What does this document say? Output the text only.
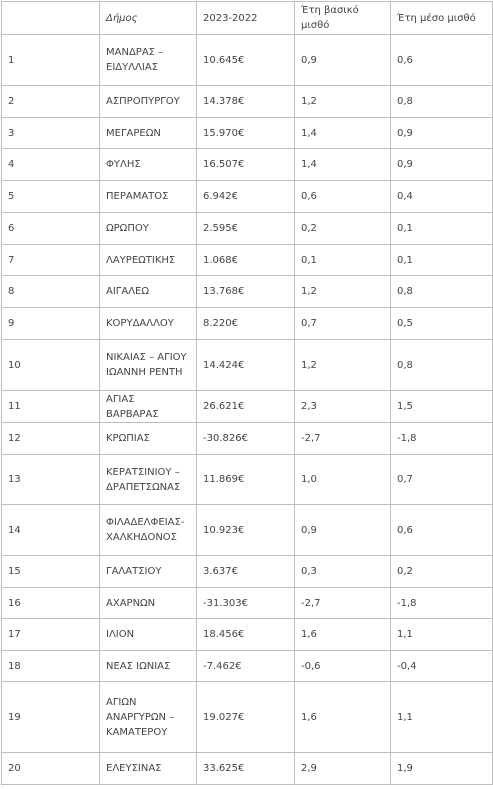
	Δήμος	2023-2022	Έτη βασικό μισθό	Έτη μέσο μισθό
1	ΜΑΝΔΡΑΣ – ΕΙΔΥΛΛΙΑΣ	10.645€	0,9	0,6
2	ΑΣΠΡΟΠΥΡΓΟΥ	14.378€	1,2	0,8
3	ΜΕΓΑΡΕΩΝ	15.970€	1,4	0,9
4	ΦΥΛΗΣ	16.507€	1,4	0,9
5	ΠΕΡΑΜΑΤΟΣ	6.942€	0,6	0,4
6	ΩΡΩΠΟΥ	2.595€	0,2	0,1
7	ΛΑΥΡΕΩΤΙΚΗΣ	1.068€	0,1	0,1
8	ΑΙΓΑΛΕΩ	13.768€	1,2	0,8
9	ΚΟΡΥΔΑΛΛΟΥ	8.220€	0,7	0,5
10	ΝΙΚΑΙΑΣ – ΑΓΙΟΥ ΙΩΑΝΝΗ ΡΕΝΤΗ	14.424€	1,2	0,8
11	ΑΓΙΑΣ ΒΑΡΒΑΡΑΣ	26.621€	2,3	1,5
12	ΚΡΩΠΙΑΣ	-30.826€	-2,7	-1,8
13	ΚΕΡΑΤΣΙΝΙΟΥ – ΔΡΑΠΕΤΣΩΝΑΣ	11.869€	1,0	0,7
14	ΦΙΛΑΔΕΛΦΕΙΑΣ-ΧΑΛΚΗΔΟΝΟΣ	10.923€	0,9	0,6
15	ΓΑΛΑΤΣΙΟΥ	3.637€	0,3	0,2
16	ΑΧΑΡΝΩΝ	-31.303€	-2,7	-1,8
17	ΙΛΙΟΝ	18.456€	1,6	1,1
18	ΝΕΑΣ ΙΩΝΙΑΣ	-7.462€	-0,6	-0,4
19	ΑΓΙΩΝ ΑΝΑΡΓΥΡΩΝ – ΚΑΜΑΤΕΡΟΥ	19.027€	1,6	1,1
20	ΕΛΕΥΣΙΝΑΣ	33.625€	2,9	1,9
